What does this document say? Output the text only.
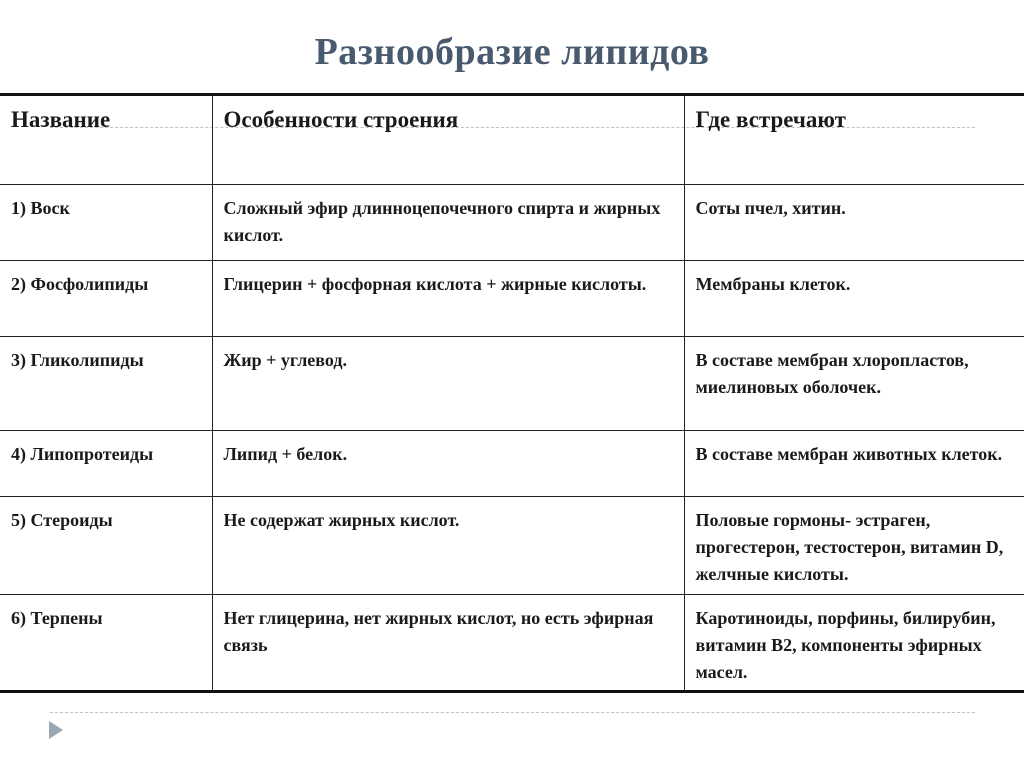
Разнообразие липидов
Название	Особенности строения	Где встречают
1) Воск	Сложный эфир длинноцепочечного спирта и жирных кислот.	Соты пчел, хитин.
2) Фосфолипиды	Глицерин + фосфорная кислота + жирные кислоты.	Мембраны клеток.
3) Гликолипиды	Жир + углевод.	В составе мембран хлоропластов, миелиновых оболочек.
4) Липопротеиды	Липид + белок.	В составе мембран животных клеток.
5) Стероиды	Не содержат жирных кислот.	Половые гормоны- эстраген, прогестерон, тестостерон, витамин D, желчные кислоты.
6) Терпены	Нет глицерина, нет жирных кислот, но есть эфирная связь	Каротиноиды, порфины, билирубин, витамин В2, компоненты эфирных масел.
